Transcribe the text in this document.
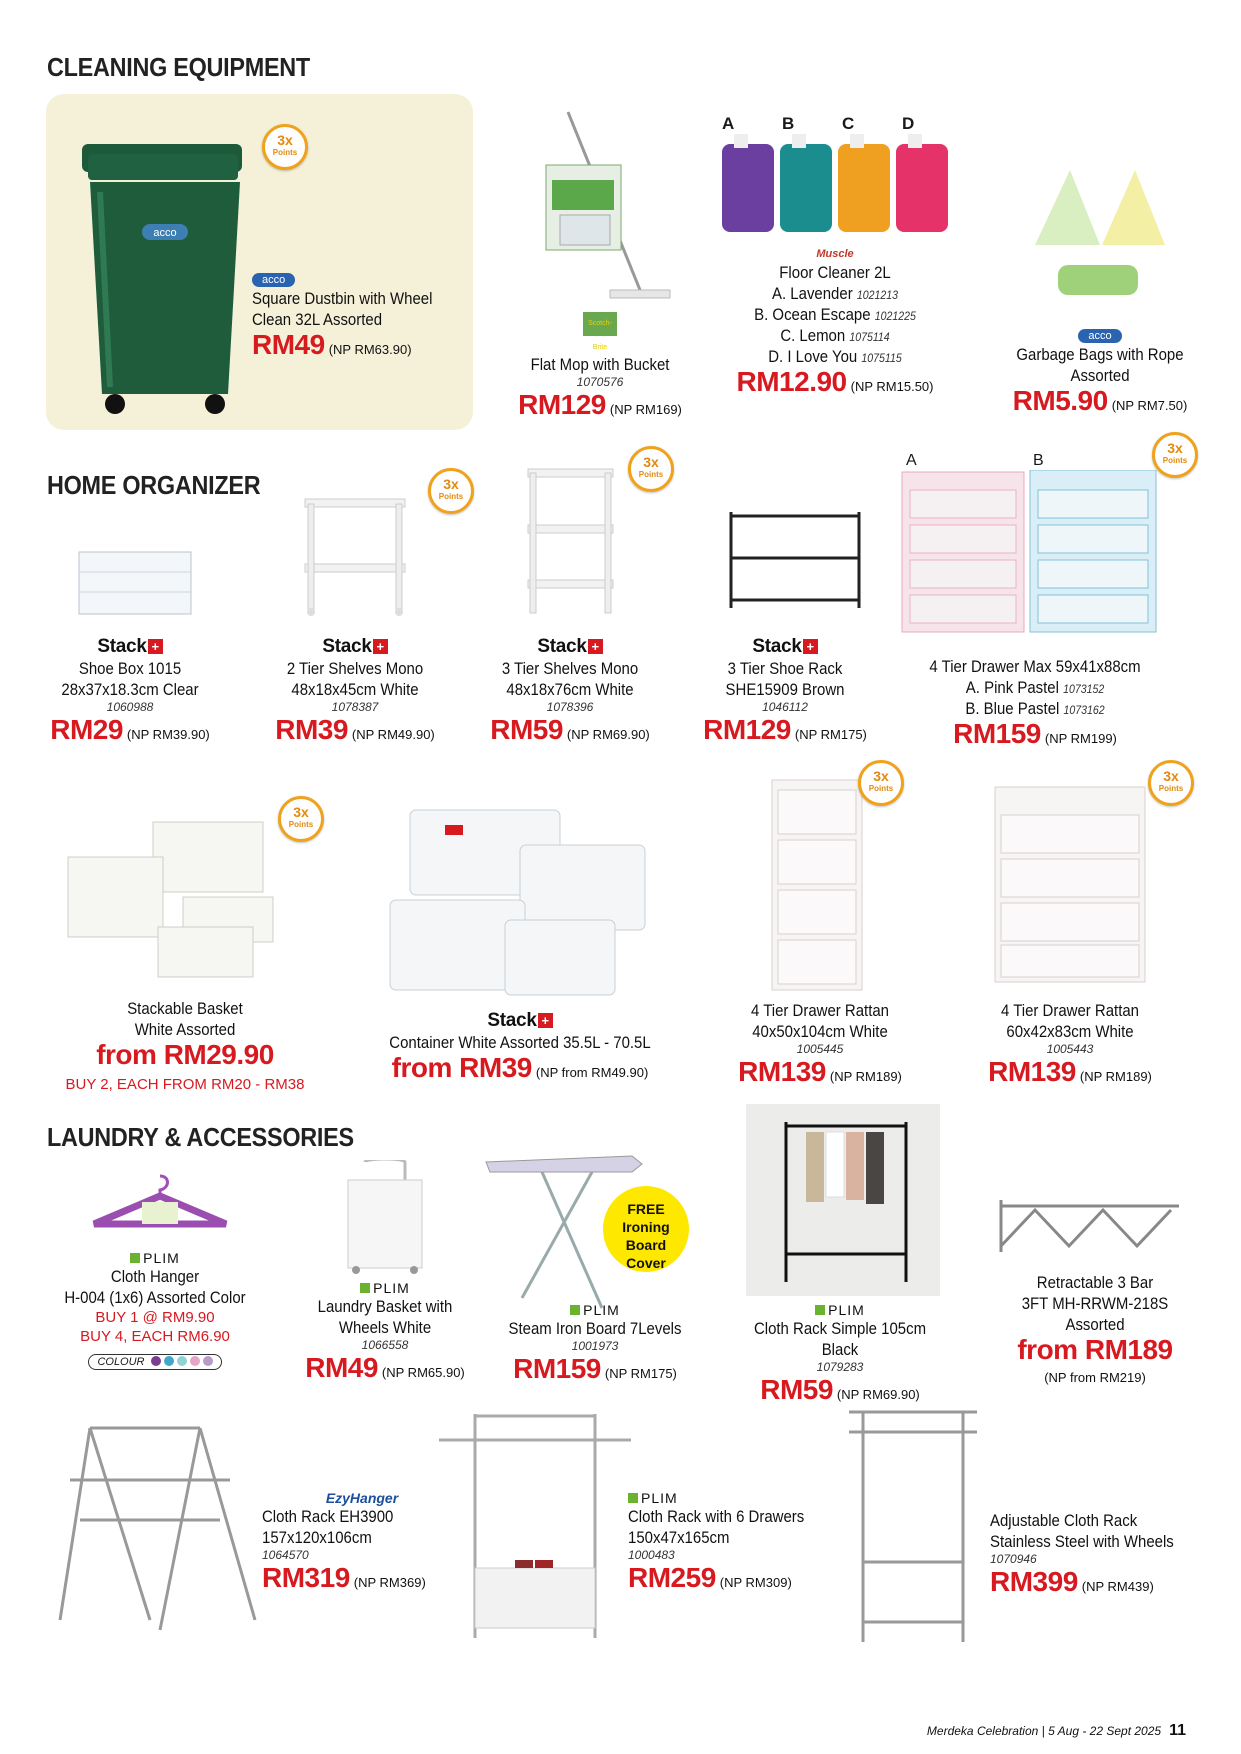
CLEANING EQUIPMENT
acco
3x
Points
acco
Square Dustbin with Wheel
Clean 32L Assorted
RM49 (NP RM63.90)
Scotch-Brite
Flat Mop with Bucket
1070576
RM129 (NP RM169)
A	B	C	D
Muscle
Floor Cleaner 2L
A. Lavender 1021213
B. Ocean Escape 1021225
C. Lemon 1075114
D. I Love You 1075115
RM12.90 (NP RM15.50)
acco
Garbage Bags with Rope
Assorted
RM5.90 (NP RM7.50)
HOME ORGANIZER
Stack +
Shoe Box 1015
28x37x18.3cm Clear
1060988
RM29 (NP RM39.90)
3x
Points
Stack +
2 Tier Shelves Mono
48x18x45cm White
1078387
RM39 (NP RM49.90)
3x
Points
Stack +
3 Tier Shelves Mono
48x18x76cm White
1078396
RM59 (NP RM69.90)
Stack +
3 Tier Shoe Rack
SHE15909 Brown
1046112
RM129 (NP RM175)
A	B
3x
Points
4 Tier Drawer Max 59x41x88cm
A. Pink Pastel 1073152
B. Blue Pastel 1073162
RM159 (NP RM199)
3x
Points
Stackable Basket
White Assorted
from RM29.90
BUY 2, EACH FROM RM20 - RM38
Stack +
Container White Assorted 35.5L - 70.5L
from RM39 (NP from RM49.90)
3x
Points
4 Tier Drawer Rattan
40x50x104cm White
1005445
RM139 (NP RM189)
3x
Points
4 Tier Drawer Rattan
60x42x83cm White
1005443
RM139 (NP RM189)
LAUNDRY & ACCESSORIES
PLIM
Cloth Hanger
H-004 (1x6) Assorted Color
BUY 1 @ RM9.90
BUY 4, EACH RM6.90
COLOUR
PLIM
Laundry Basket with
Wheels White
1066558
RM49 (NP RM65.90)
FREE
Ironing Board
Cover
PLIM
Steam Iron Board 7Levels
1001973
RM159 (NP RM175)
PLIM
Cloth Rack Simple 105cm Black
1079283
RM59 (NP RM69.90)
Retractable 3 Bar
3FT MH-RRWM-218S Assorted
from RM189
(NP from RM219)
EzyHanger
Cloth Rack EH3900
157x120x106cm
1064570
RM319 (NP RM369)
PLIM
Cloth Rack with 6 Drawers
150x47x165cm
1000483
RM259 (NP RM309)
Adjustable Cloth Rack
Stainless Steel with Wheels
1070946
RM399 (NP RM439)
Merdeka Celebration | 5 Aug - 22 Sept 2025 11
